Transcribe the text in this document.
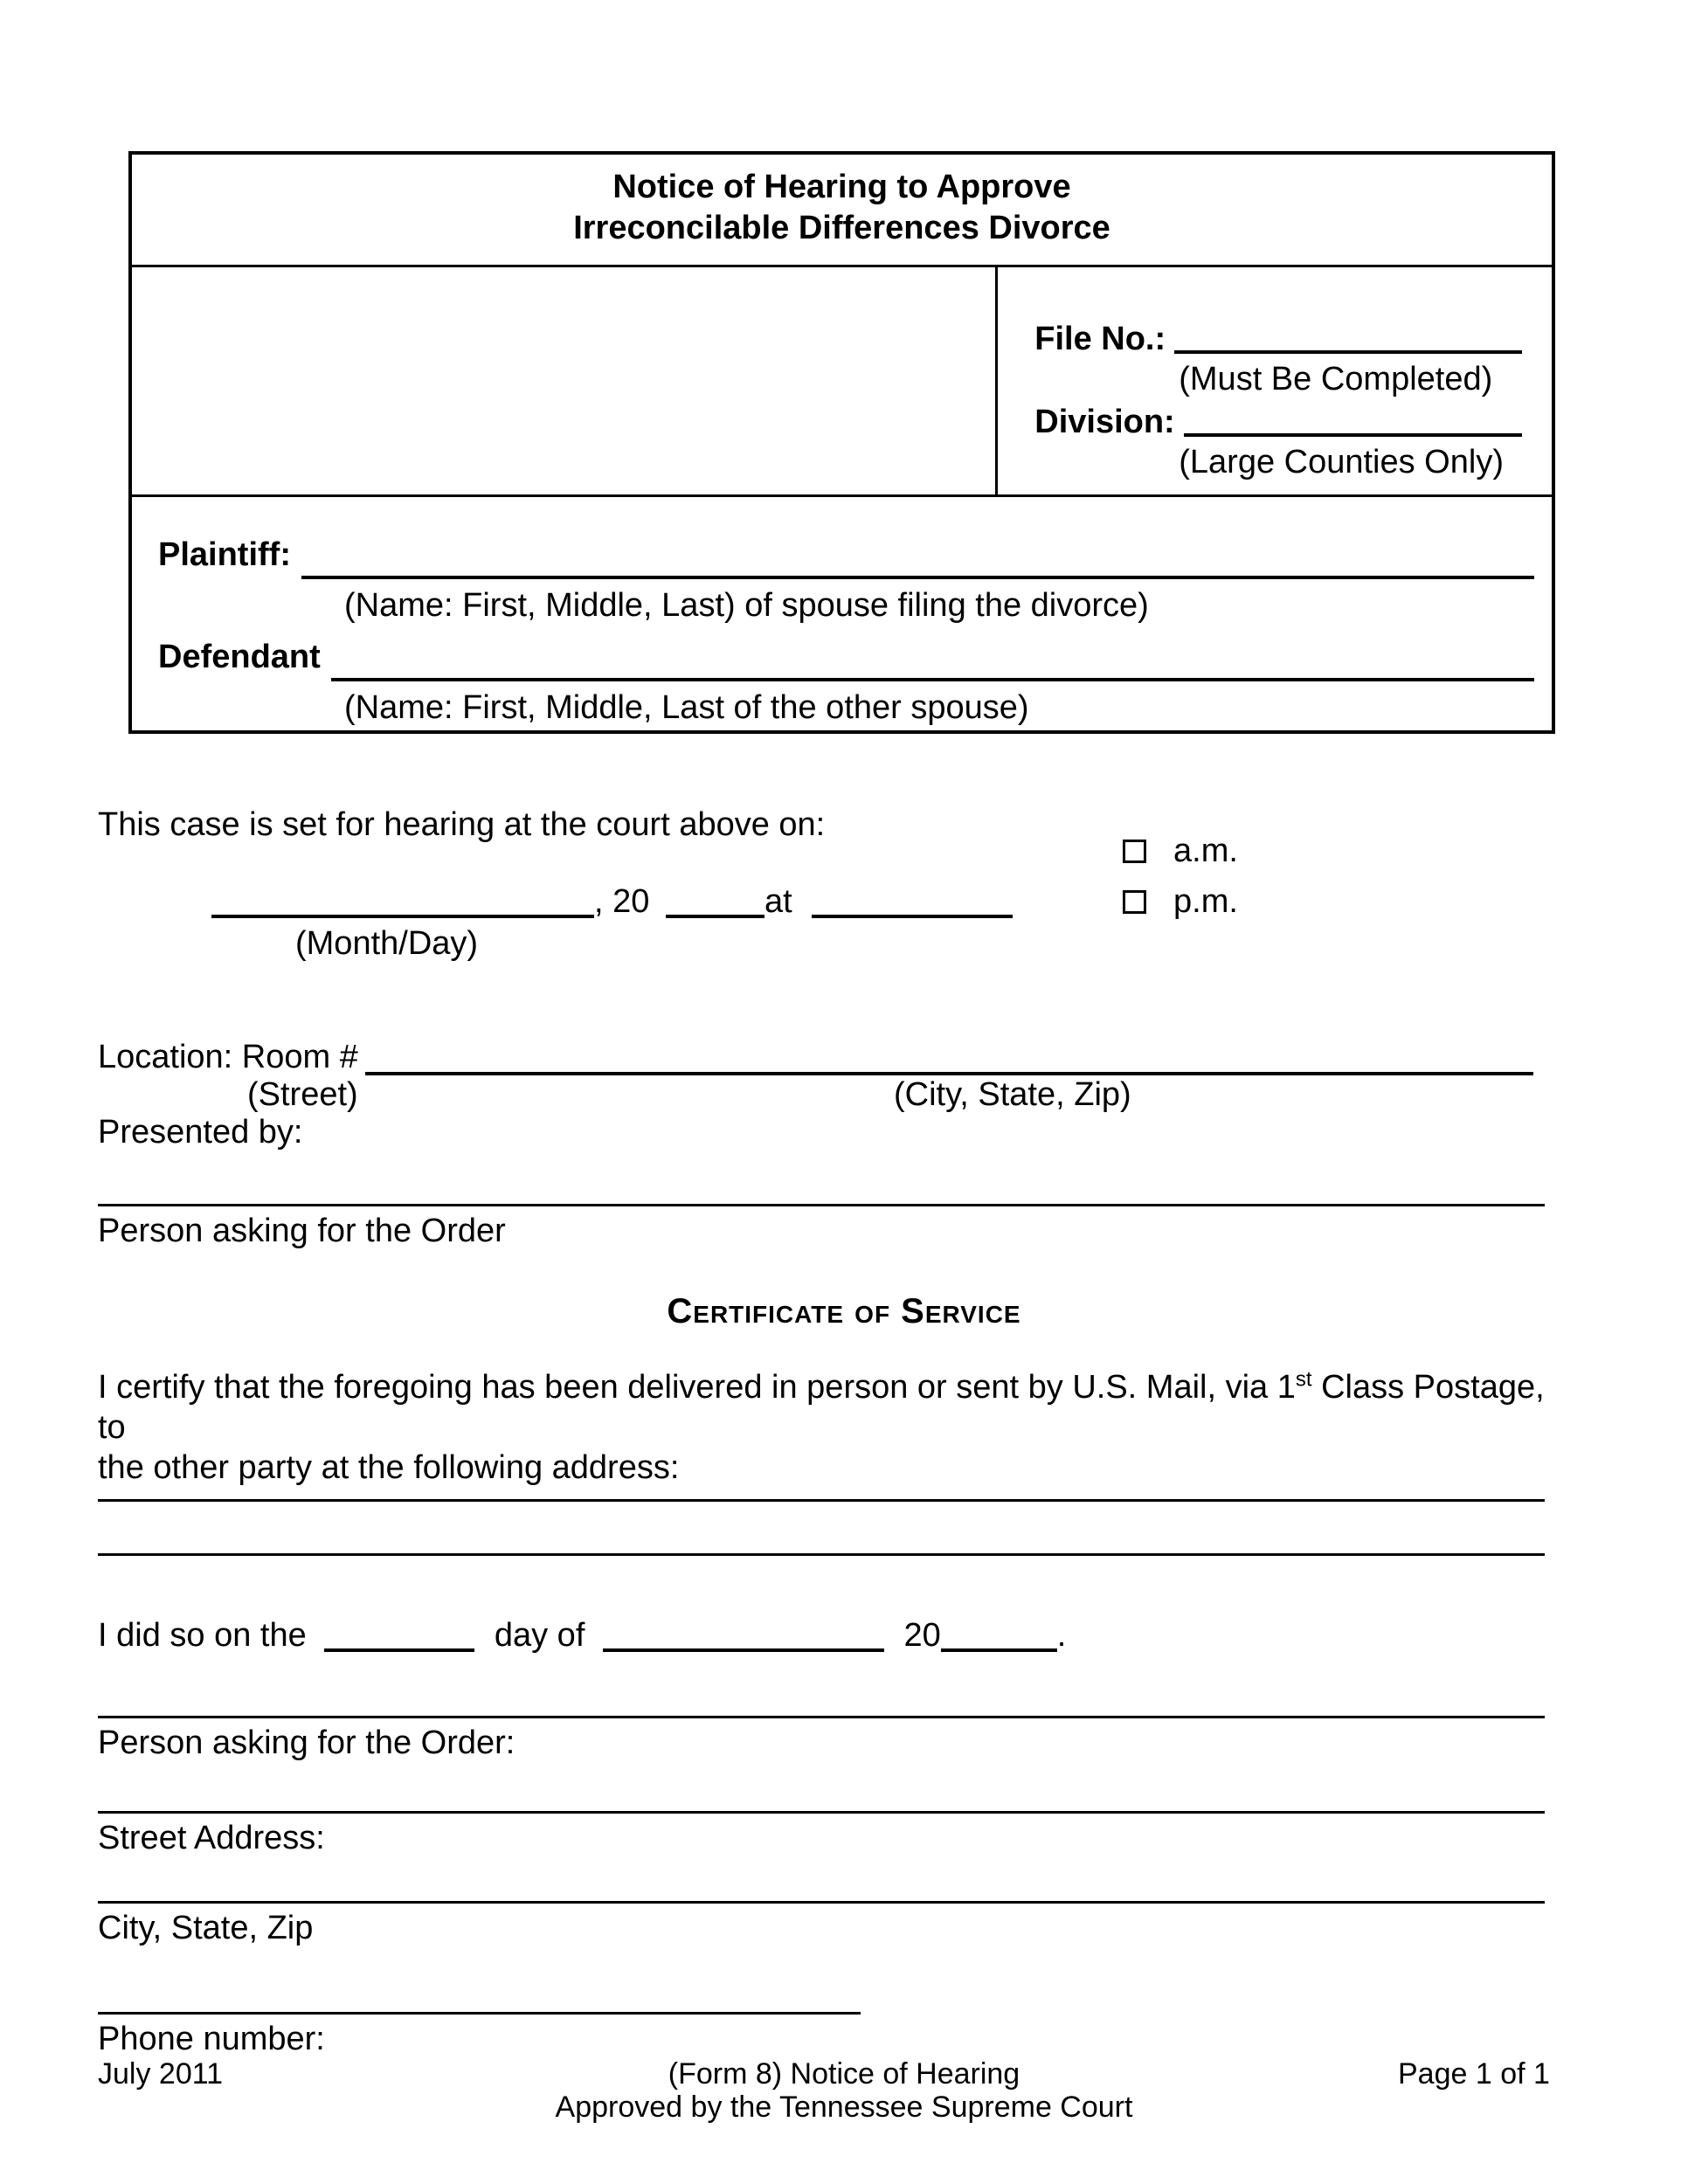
Notice of Hearing to Approve
Irreconcilable Differences Divorce
File No.:
(Must Be Completed)
Division:
(Large Counties Only)
Plaintiff:
(Name: First, Middle, Last) of spouse filing the divorce)
Defendant
(Name: First, Middle, Last of the other spouse)
This case is set for hearing at the court above on:
a.m.
p.m.
, 20	at
(Month/Day)
Location: Room #
(Street)	(City, State, Zip)
Presented by:
Person asking for the Order
Certificate of Service
I certify that the foregoing has been delivered in person or sent by U.S. Mail, via 1st Class Postage, to
the other party at the following address:
I did so on the	day of	20	.
Person asking for the Order:
Street Address:
City, State, Zip
Phone number:
July 2011	(Form 8) Notice of Hearing	Page 1 of 1
Approved by the Tennessee Supreme Court
